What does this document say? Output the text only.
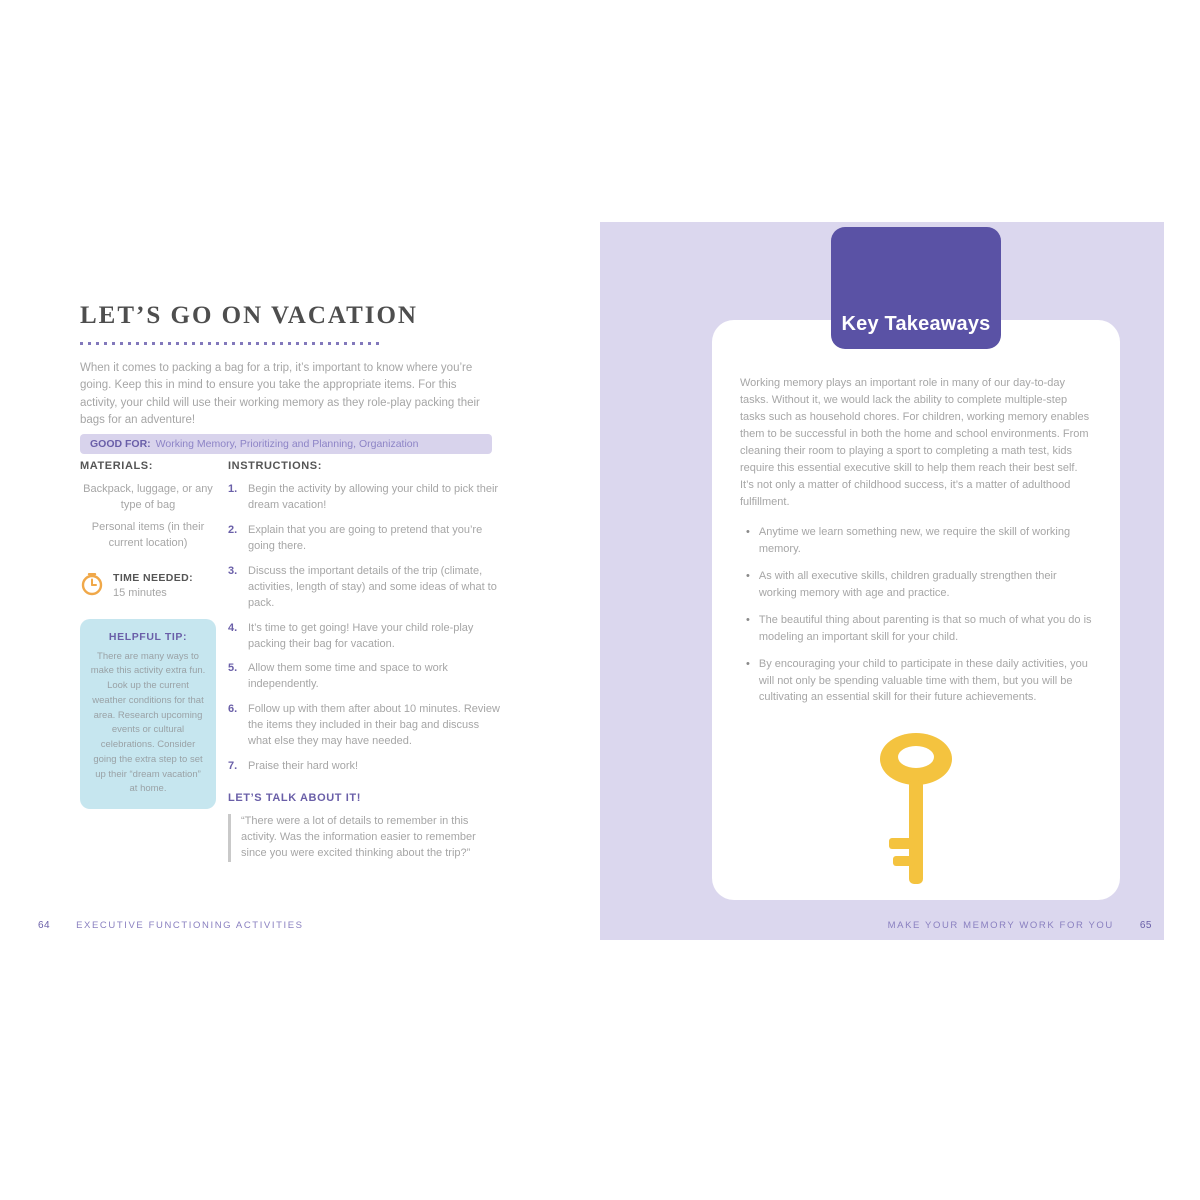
LET’S GO ON VACATION

When it comes to packing a bag for a trip, it’s important to know where you’re going. Keep this in mind to ensure you take the appropriate items. For this activity, your child will use their working memory as they role-play packing their bags for an adventure!

GOOD FOR: Working Memory, Prioritizing and Planning, Organization
MATERIALS:

Backpack, luggage, or any type of bag

Personal items (in their current location)

TIME NEEDED:
15 minutes
HELPFUL TIP:

There are many ways to make this activity extra fun. Look up the current weather conditions for that area. Research upcoming events or cultural celebrations. Consider going the extra step to set up their “dream vacation” at home.

INSTRUCTIONS:
1. Begin the activity by allowing your child to pick their dream vacation!
2. Explain that you are going to pretend that you’re going there.
3. Discuss the important details of the trip (climate, activities, length of stay) and some ideas of what to pack.
4. It’s time to get going! Have your child role-play packing their bag for vacation.
5. Allow them some time and space to work independently.
6. Follow up with them after about 10 minutes. Review the items they included in their bag and discuss what else they may have needed.
7. Praise their hard work!
LET’S TALK ABOUT IT!
“There were a lot of details to remember in this activity. Was the information easier to remember since you were excited thinking about the trip?”
64	EXECUTIVE FUNCTIONING ACTIVITIES

Working memory plays an important role in many of our day-to-day tasks. Without it, we would lack the ability to complete multiple-step tasks such as household chores. For children, working memory enables them to be successful in both the home and school environments. From cleaning their room to playing a sport to completing a math test, kids require this essential executive skill to help them reach their best self. It’s not only a matter of childhood success, it’s a matter of adulthood fulfillment.

• Anytime we learn something new, we require the skill of working memory.
• As with all executive skills, children gradually strengthen their working memory with age and practice.
• The beautiful thing about parenting is that so much of what you do is modeling an important skill for your child.
• By encouraging your child to participate in these daily activities, you will not only be spending valuable time with them, but you will be cultivating an essential skill for their future achievements.
Key Takeaways
MAKE YOUR MEMORY WORK FOR YOU	65
